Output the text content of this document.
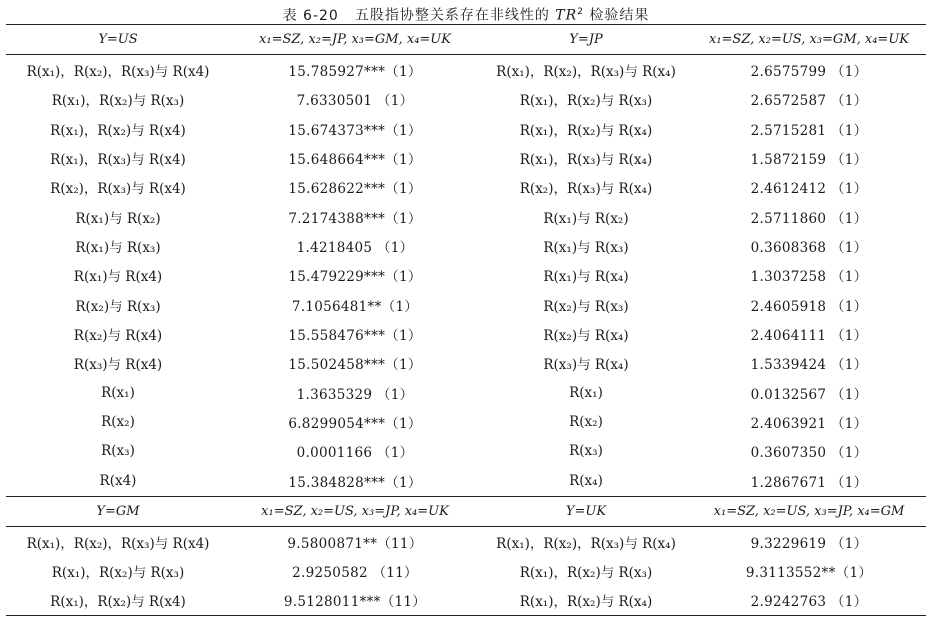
表 6-20 五股指协整关系存在非线性的 $TR^2$ 检验结果
Y=US	x₁=SZ, x₂=JP, x₃=GM, x₄=UK	Y=JP	x₁=SZ, x₂=US, x₃=GM, x₄=UK
R(x₁)，R(x₂)，R(x₃)与 R(x4)	15.785927***（1）	R(x₁)，R(x₂)，R(x₃)与 R(x₄)	2.6575799 （1）
R(x₁)，R(x₂)与 R(x₃)	7.6330501 （1）	R(x₁)，R(x₂)与 R(x₃)	2.6572587 （1）
R(x₁)，R(x₂)与 R(x4)	15.674373***（1）	R(x₁)，R(x₂)与 R(x₄)	2.5715281 （1）
R(x₁)，R(x₃)与 R(x4)	15.648664***（1）	R(x₁)，R(x₃)与 R(x₄)	1.5872159 （1）
R(x₂)，R(x₃)与 R(x4)	15.628622***（1）	R(x₂)，R(x₃)与 R(x₄)	2.4612412 （1）
R(x₁)与 R(x₂)	7.2174388***（1）	R(x₁)与 R(x₂)	2.5711860 （1）
R(x₁)与 R(x₃)	1.4218405 （1）	R(x₁)与 R(x₃)	0.3608368 （1）
R(x₁)与 R(x4)	15.479229***（1）	R(x₁)与 R(x₄)	1.3037258 （1）
R(x₂)与 R(x₃)	7.1056481**（1）	R(x₂)与 R(x₃)	2.4605918 （1）
R(x₂)与 R(x4)	15.558476***（1）	R(x₂)与 R(x₄)	2.4064111 （1）
R(x₃)与 R(x4)	15.502458***（1）	R(x₃)与 R(x₄)	1.5339424 （1）
R(x₁)	1.3635329 （1）	R(x₁)	0.0132567 （1）
R(x₂)	6.8299054***（1）	R(x₂)	2.4063921 （1）
R(x₃)	0.0001166 （1）	R(x₃)	0.3607350 （1）
R(x4)	15.384828***（1）	R(x₄)	1.2867671 （1）
Y=GM	x₁=SZ, x₂=US, x₃=JP, x₄=UK	Y=UK	x₁=SZ, x₂=US, x₃=JP, x₄=GM
R(x₁)，R(x₂)，R(x₃)与 R(x4)	9.5800871**（11）	R(x₁)，R(x₂)，R(x₃)与 R(x₄)	9.3229619 （1）
R(x₁)，R(x₂)与 R(x₃)	2.9250582 （11）	R(x₁)，R(x₂)与 R(x₃)	9.3113552**（1）
R(x₁)，R(x₂)与 R(x4)	9.5128011***（11）	R(x₁)，R(x₂)与 R(x₄)	2.9242763 （1）
